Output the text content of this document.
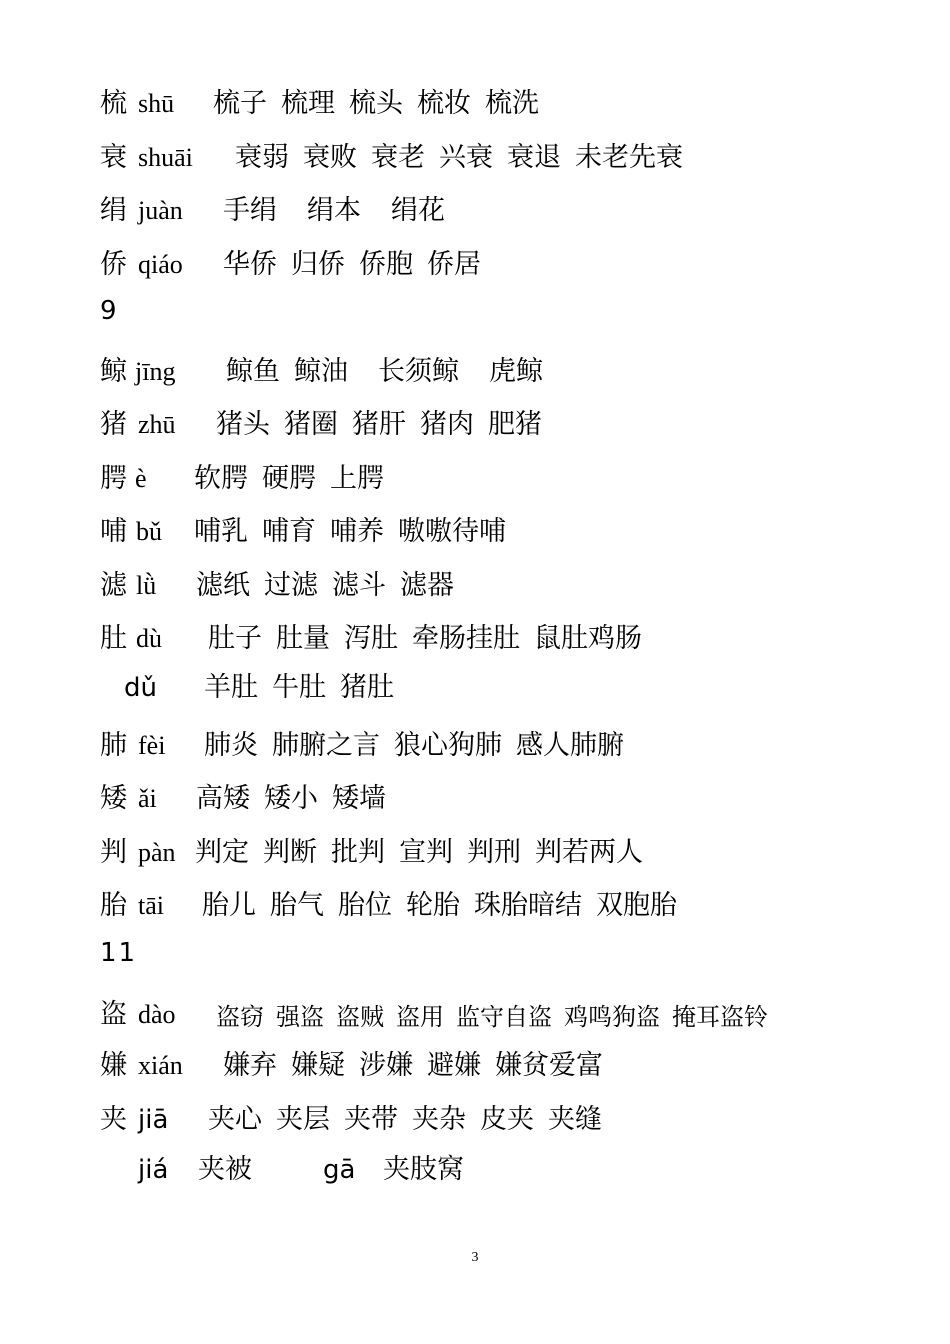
梳 shū 梳子 梳理 梳头 梳妆 梳洗
衰 shuāi 衰弱 衰败 衰老 兴衰 衰退 未老先衰
绢 juàn 手绢 绢本 绢花
侨 qiáo 华侨 归侨 侨胞 侨居
9
鲸 jīng 鲸鱼 鲸油 长须鲸 虎鲸
猪 zhū 猪头 猪圈 猪肝 猪肉 肥猪
腭 è 软腭 硬腭 上腭
哺 bǔ 哺乳 哺育 哺养 嗷嗷待哺
滤 lǜ 滤纸 过滤 滤斗 滤器
肚 dù 肚子 肚量 泻肚 牵肠挂肚 鼠肚鸡肠
dǔ 羊肚 牛肚 猪肚
肺 fèi 肺炎 肺腑之言 狼心狗肺 感人肺腑
矮 ǎi 高矮 矮小 矮墙
判 pàn 判定 判断 批判 宣判 判刑 判若两人
胎 tāi 胎儿 胎气 胎位 轮胎 珠胎暗结 双胞胎
11
盗 dào 盗窃 强盗 盗贼 盗用 监守自盗 鸡鸣狗盗 掩耳盗铃
嫌 xián 嫌弃 嫌疑 涉嫌 避嫌 嫌贫爱富
夹 jiā 夹心 夹层 夹带 夹杂 皮夹 夹缝
jiá 夹被	gā 夹肢窝
3
